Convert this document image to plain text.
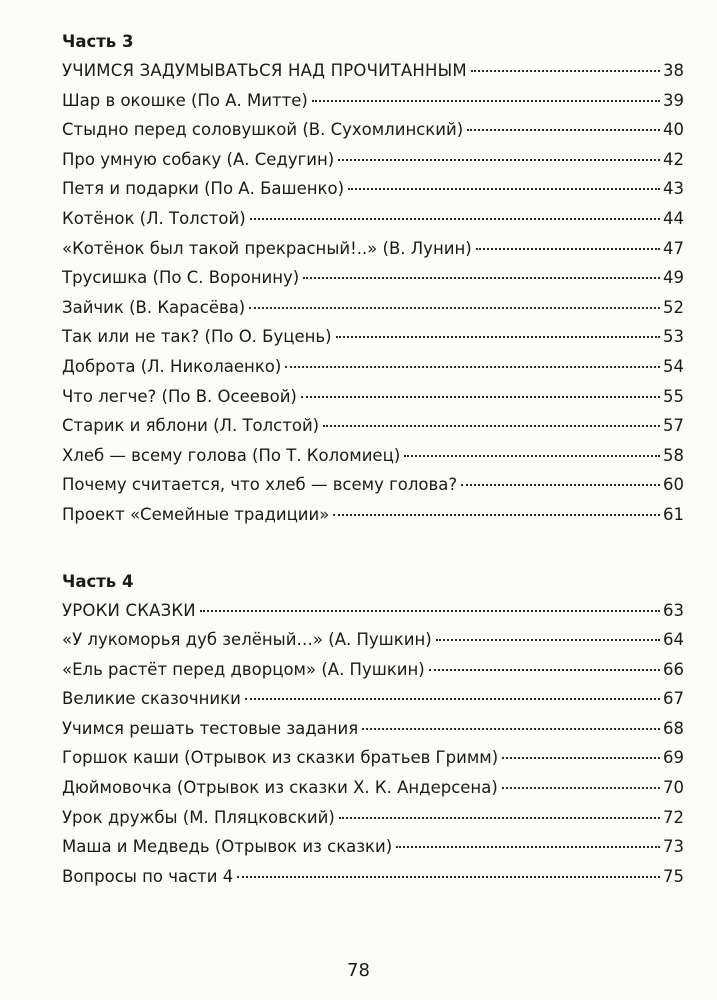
Часть 3
УЧИМСЯ ЗАДУМЫВАТЬСЯ НАД ПРОЧИТАННЫМ	38
Шар в окошке (По А. Митте)	39
Стыдно перед соловушкой (В. Сухомлинский)	40
Про умную собаку (А. Седугин)	42
Петя и подарки (По А. Башенко)	43
Котёнок (Л. Толстой)	44
«Котёнок был такой прекрасный!..» (В. Лунин)	47
Трусишка (По С. Воронину)	49
Зайчик (В. Карасёва)	52
Так или не так? (По О. Буцень)	53
Доброта (Л. Николаенко)	54
Что легче? (По В. Осеевой)	55
Старик и яблони (Л. Толстой)	57
Хлеб — всему голова (По Т. Коломиец)	58
Почему считается, что хлеб — всему голова?	60
Проект «Семейные традиции»	61
Часть 4
УРОКИ СКАЗКИ	63
«У лукоморья дуб зелёный…» (А. Пушкин)	64
«Ель растёт перед дворцом» (А. Пушкин)	66
Великие сказочники	67
Учимся решать тестовые задания	68
Горшок каши (Отрывок из сказки братьев Гримм)	69
Дюймовочка (Отрывок из сказки Х. К. Андерсена)	70
Урок дружбы (М. Пляцковский)	72
Маша и Медведь (Отрывок из сказки)	73
Вопросы по части 4	75
78
